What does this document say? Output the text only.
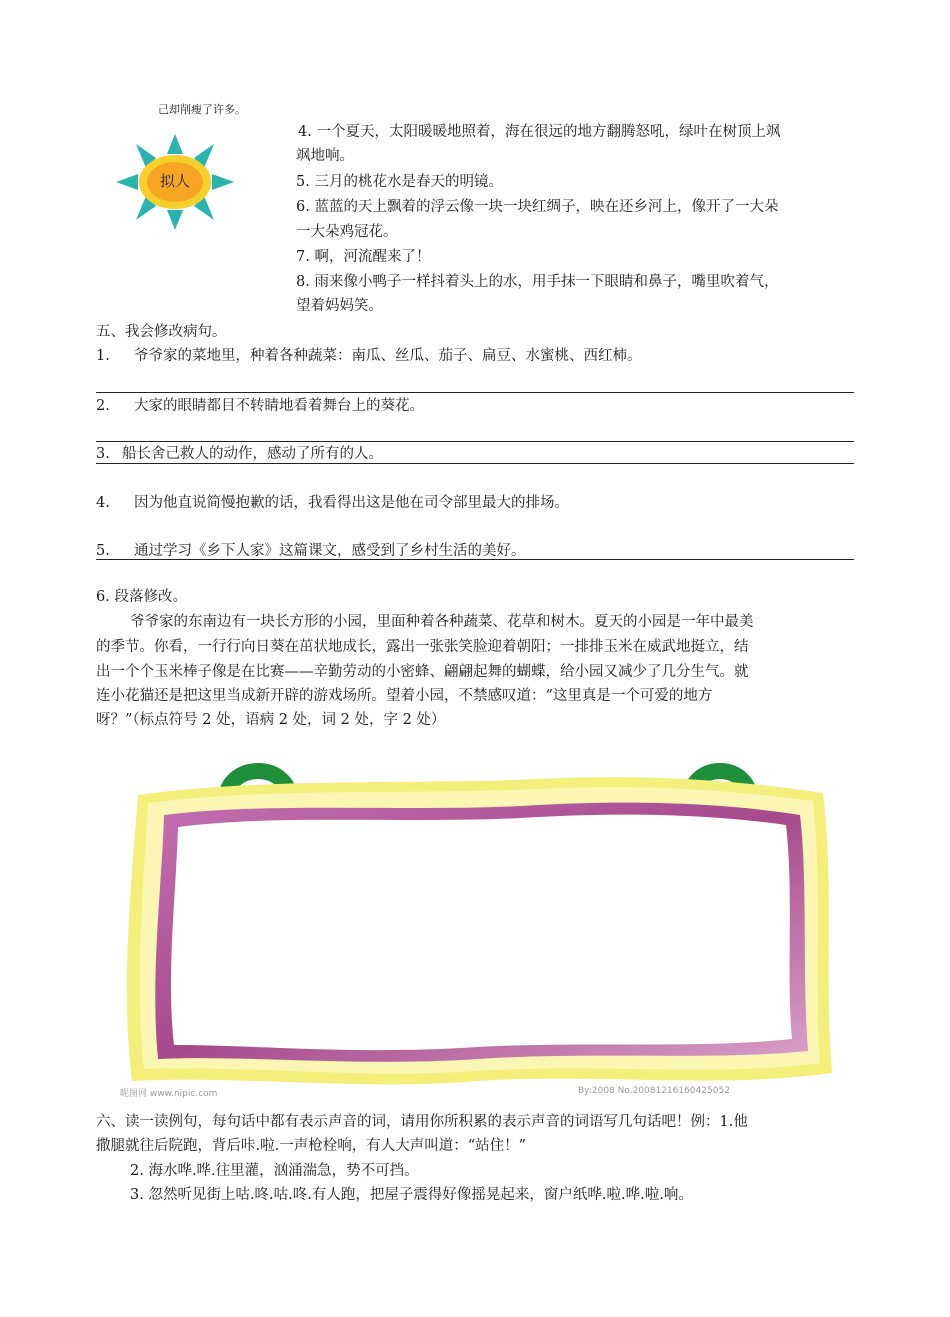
己却削瘦了许多。
拟人
4. 一个夏天，太阳暖暖地照着，海在很远的地方翻腾怒吼，绿叶在树顶上飒
飒地响。
5. 三月的桃花水是春天的明镜。
6. 蓝蓝的天上飘着的浮云像一块一块红绸子，映在还乡河上，像开了一大朵
一大朵鸡冠花。
7. 啊，河流醒来了！
8. 雨来像小鸭子一样抖着头上的水，用手抹一下眼睛和鼻子，嘴里吹着气，
望着妈妈笑。
五、我会修改病句。
1. 爷爷家的菜地里，种着各种蔬菜：南瓜、丝瓜、茄子、扁豆、水蜜桃、西红柿。
2. 大家的眼睛都目不转睛地看着舞台上的葵花。
3. 船长舍己救人的动作，感动了所有的人。
4. 因为他直说简慢抱歉的话，我看得出这是他在司令部里最大的排场。
5. 通过学习《乡下人家》这篇课文，感受到了乡村生活的美好。
6. 段落修改。
爷爷家的东南边有一块长方形的小园，里面种着各种蔬菜、花草和树木。夏天的小园是一年中最美
的季节。你看，一行行向日葵在茁状地成长，露出一张张笑脸迎着朝阳；一排排玉米在威武地挺立，结
出一个个玉米棒子像是在比赛——辛勤劳动的小密蜂、翩翩起舞的蝴蝶，给小园又减少了几分生气。就
连小花猫还是把这里当成新开辟的游戏场所。望着小园，不禁感叹道：“这里真是一个可爱的地方
呀？”（标点符号 2 处，语病 2 处，词 2 处，字 2 处）
昵图网 www.nipic.com	By:2008 No.20081216160425052
六、读一读例句，每句话中都有表示声音的词，请用你所积累的表示声音的词语写几句话吧！例：1.他
撒腿就往后院跑，背后咔.啦.一声枪栓响，有人大声叫道：“站住！”
2. 海水哗.哗.往里灌，汹涌湍急，势不可挡。
3. 忽然听见街上咕.咚.咕.咚.有人跑，把屋子震得好像摇晃起来，窗户纸哗.啦.哗.啦.响。
